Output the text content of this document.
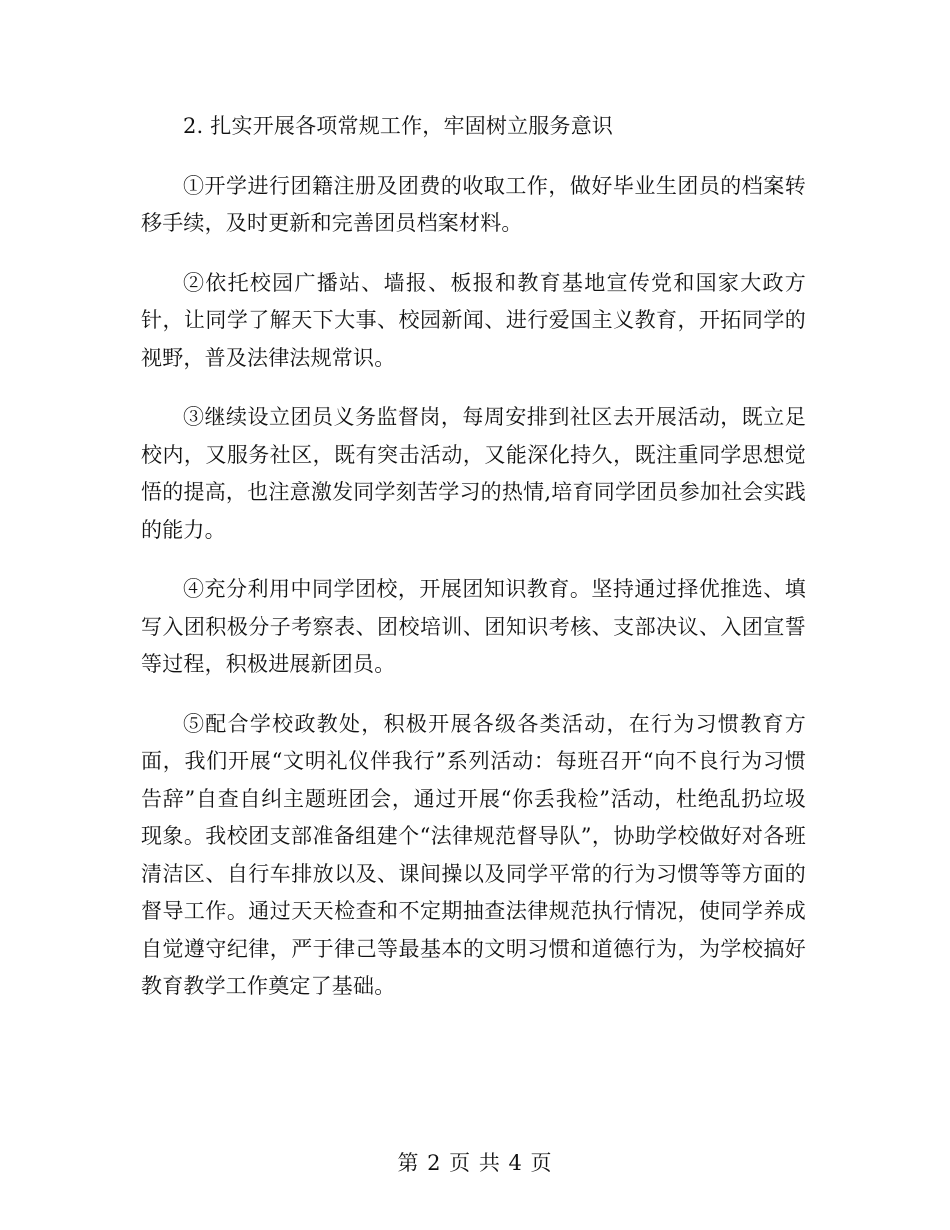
2. 扎实开展各项常规工作，牢固树立服务意识

①开学进行团籍注册及团费的收取工作，做好毕业生团员的档案转移手续，及时更新和完善团员档案材料。

②依托校园广播站、墙报、板报和教育基地宣传党和国家大政方针，让同学了解天下大事、校园新闻、进行爱国主义教育，开拓同学的视野，普及法律法规常识。

③继续设立团员义务监督岗，每周安排到社区去开展活动，既立足校内，又服务社区，既有突击活动，又能深化持久，既注重同学思想觉悟的提高，也注意激发同学刻苦学习的热情,培育同学团员参加社会实践的能力。

④充分利用中同学团校，开展团知识教育。坚持通过择优推选、填写入团积极分子考察表、团校培训、团知识考核、支部决议、入团宣誓等过程，积极进展新团员。

⑤配合学校政教处，积极开展各级各类活动，在行为习惯教育方面，我们开展“文明礼仪伴我行”系列活动：每班召开“向不良行为习惯告辞”自查自纠主题班团会，通过开展“你丢我检”活动，杜绝乱扔垃圾现象。我校团支部准备组建个“法律规范督导队”，协助学校做好对各班清洁区、自行车排放以及、课间操以及同学平常的行为习惯等等方面的督导工作。通过天天检查和不定期抽查法律规范执行情况，使同学养成自觉遵守纪律，严于律己等最基本的文明习惯和道德行为，为学校搞好教育教学工作奠定了基础。

第 2 页 共 4 页
